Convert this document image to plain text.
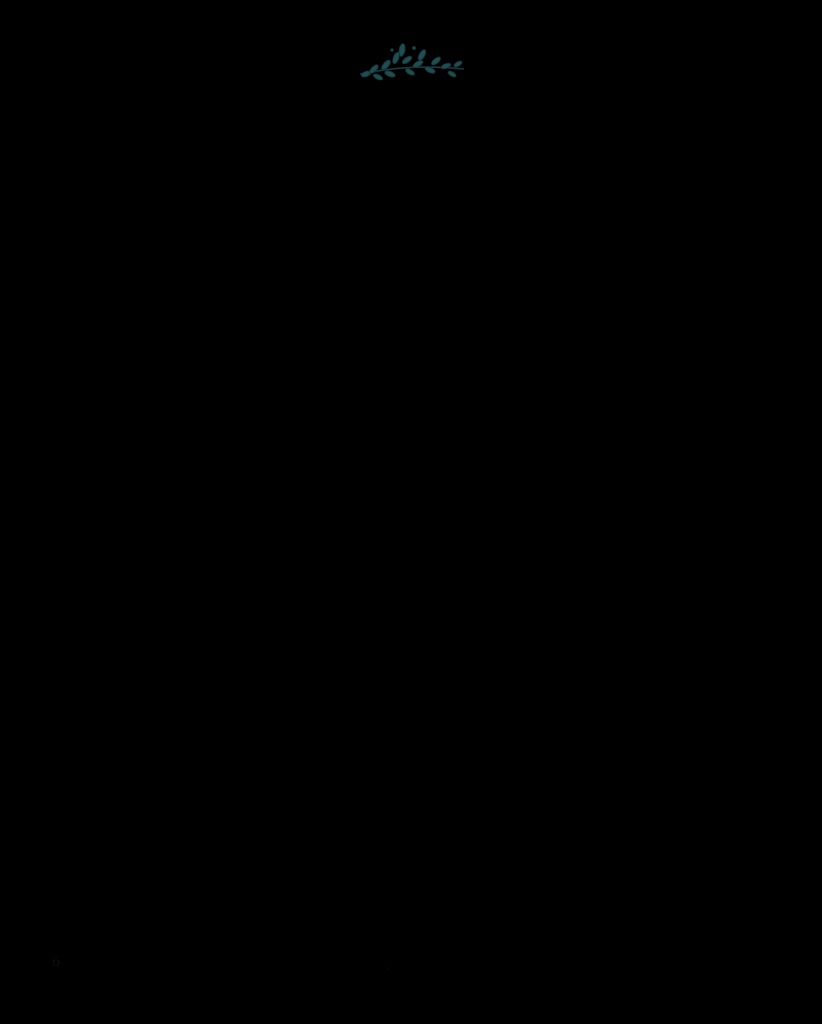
6
